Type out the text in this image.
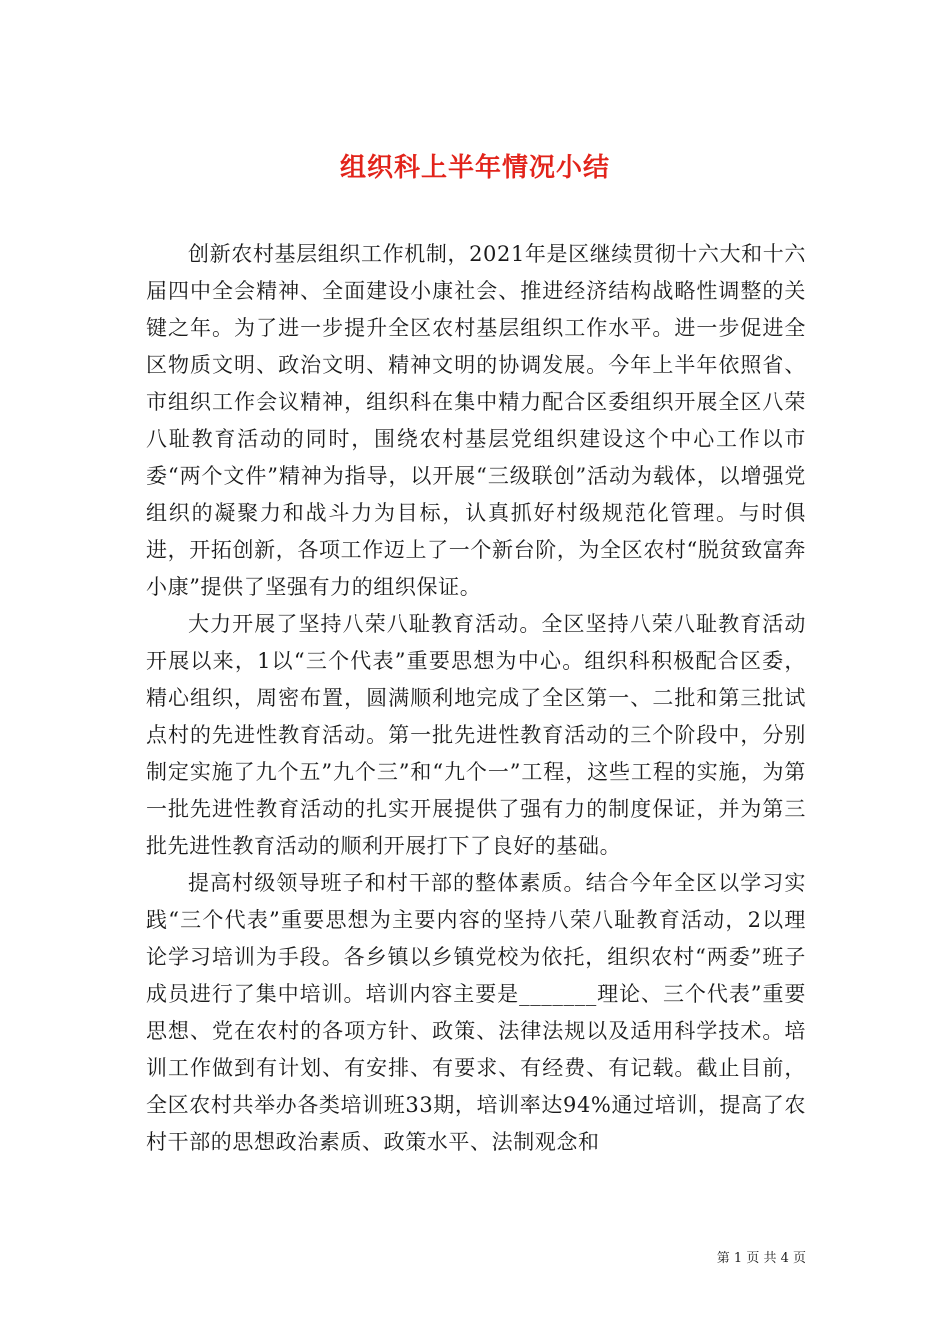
组织科上半年情况小结

创新农村基层组织工作机制，2021年是区继续贯彻十六大和十六届四中全会精神、全面建设小康社会、推进经济结构战略性调整的关键之年。为了进一步提升全区农村基层组织工作水平。进一步促进全区物质文明、政治文明、精神文明的协调发展。今年上半年依照省、市组织工作会议精神，组织科在集中精力配合区委组织开展全区八荣八耻教育活动的同时，围绕农村基层党组织建设这个中心工作以市委“两个文件”精神为指导，以开展“三级联创”活动为载体，以增强党组织的凝聚力和战斗力为目标，认真抓好村级规范化管理。与时俱进，开拓创新，各项工作迈上了一个新台阶，为全区农村“脱贫致富奔小康”提供了坚强有力的组织保证。

大力开展了坚持八荣八耻教育活动。全区坚持八荣八耻教育活动开展以来，1以“三个代表”重要思想为中心。组织科积极配合区委，精心组织，周密布置，圆满顺利地完成了全区第一、二批和第三批试点村的先进性教育活动。第一批先进性教育活动的三个阶段中，分别制定实施了九个五”九个三”和“九个一”工程，这些工程的实施，为第一批先进性教育活动的扎实开展提供了强有力的制度保证，并为第三批先进性教育活动的顺利开展打下了良好的基础。

提高村级领导班子和村干部的整体素质。结合今年全区以学习实践“三个代表”重要思想为主要内容的坚持八荣八耻教育活动，2以理论学习培训为手段。各乡镇以乡镇党校为依托，组织农村“两委”班子成员进行了集中培训。培训内容主要是_______理论、三个代表”重要思想、党在农村的各项方针、政策、法律法规以及适用科学技术。培训工作做到有计划、有安排、有要求、有经费、有记载。截止目前，全区农村共举办各类培训班33期，培训率达94%通过培训，提高了农村干部的思想政治素质、政策水平、法制观念和

第 1 页 共 4 页
